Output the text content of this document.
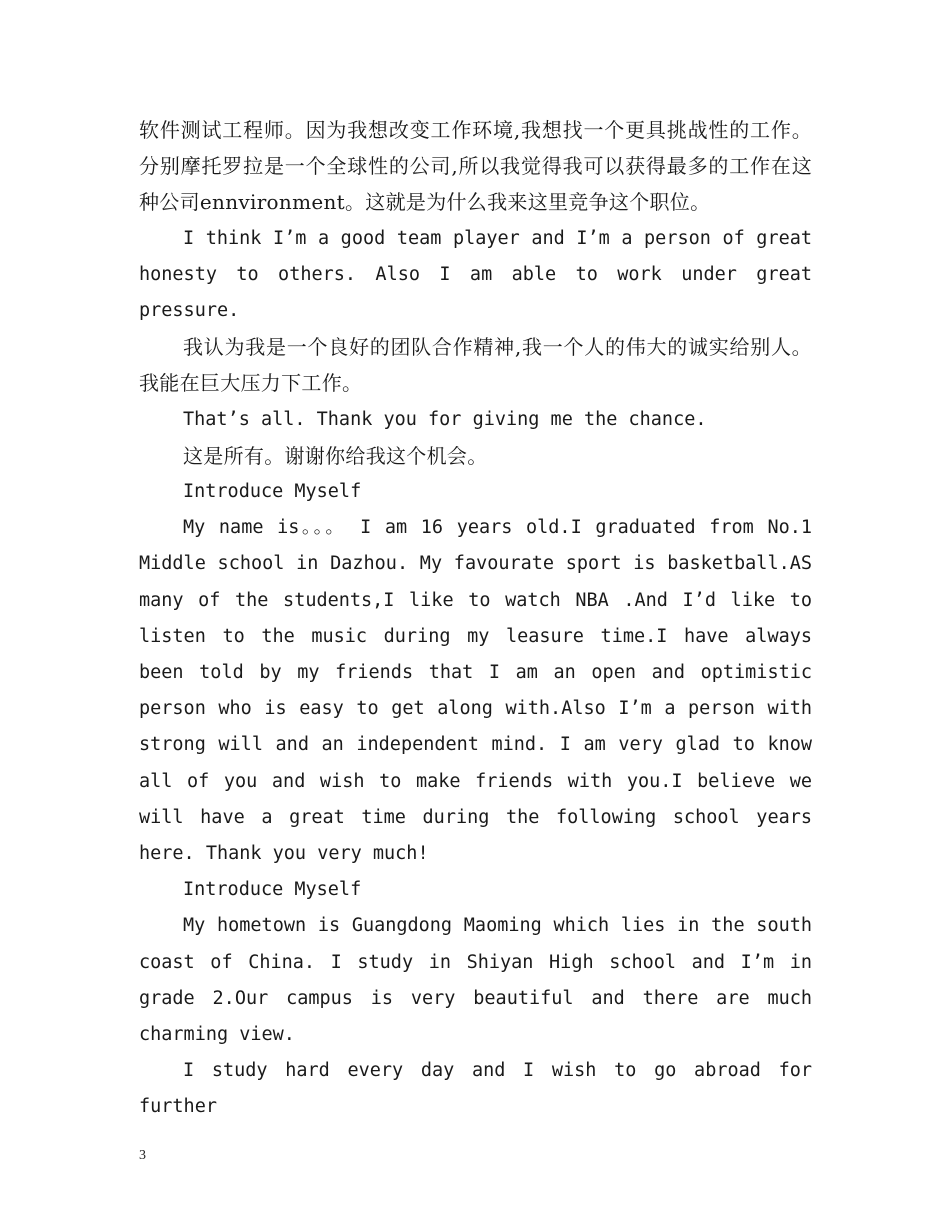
软件测试工程师。因为我想改变工作环境,我想找一个更具挑战性的工作。分别摩托罗拉是一个全球性的公司,所以我觉得我可以获得最多的工作在这种公司ennvironment。这就是为什么我来这里竞争这个职位。

I think I’m a good team player and I’m a person of great honesty to others. Also I am able to work under great pressure.

我认为我是一个良好的团队合作精神,我一个人的伟大的诚实给别人。我能在巨大压力下工作。

That’s all. Thank you for giving me the chance.

这是所有。谢谢你给我这个机会。

Introduce Myself

My name is。。。 I am 16 years old.I graduated from No.1 Middle school in Dazhou. My favourate sport is basketball.AS many of the students,I like to watch NBA .And I’d like to listen to the music during my leasure time.I have always been told by my friends that I am an open and optimistic person who is easy to get along with.Also I’m a person with strong will and an independent mind. I am very glad to know all of you and wish to make friends with you.I believe we will have a great time during the following school years here. Thank you very much!

Introduce Myself

My hometown is Guangdong Maoming which lies in the south coast of China. I study in Shiyan High school and I’m in grade 2.Our campus is very beautiful and there are much charming view.

I study hard every day and I wish to go abroad for further

3
